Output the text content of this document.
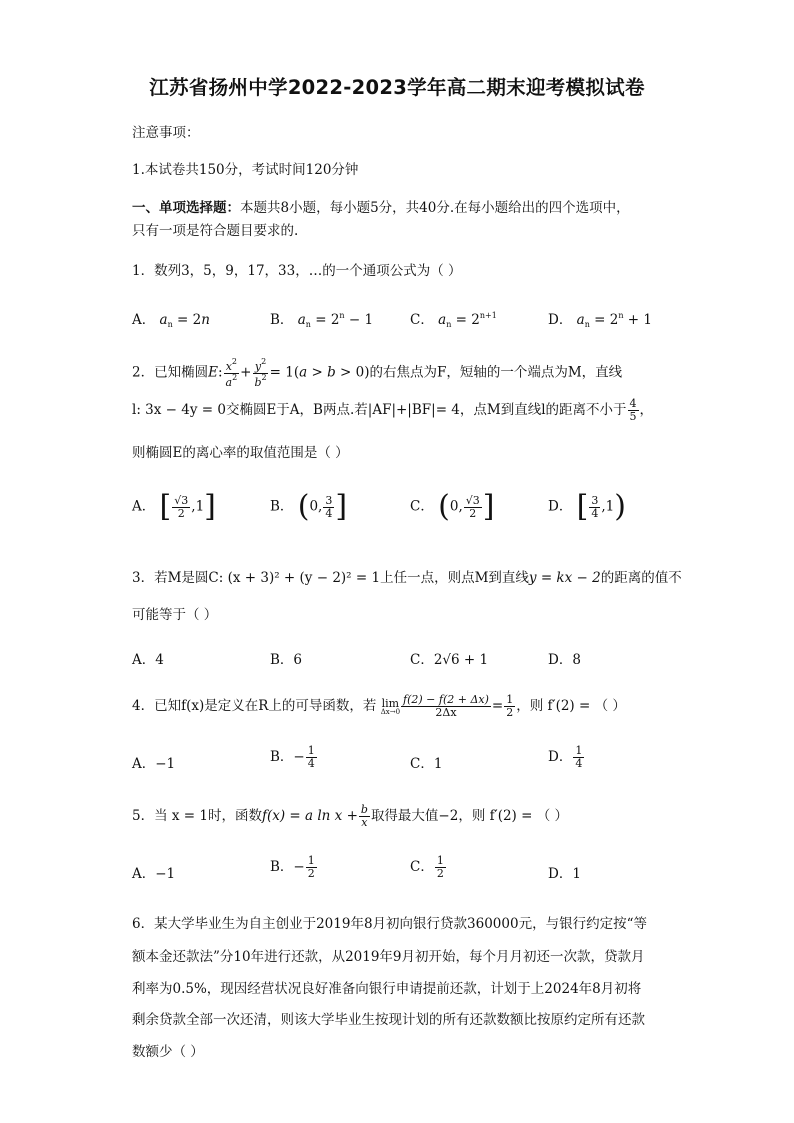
江苏省扬州中学2022-2023学年高二期末迎考模拟试卷
注意事项：
1.本试卷共150分，考试时间120分钟
一、单项选择题：本题共8小题，每小题5分，共40分.在每小题给出的四个选项中，
只有一项是符合题目要求的.
1．数列3，5，9，17，33，…的一个通项公式为（ ）
A． $a_n = 2n$	B． $a_n = 2^n - 1$	C． $a_n = 2^{n+1}$	D． $a_n = 2^n + 1$
2．已知椭圆E: $\frac{x^2}{a^2} + \frac{y^2}{b^2} = 1(a > b > 0)$的右焦点为F，短轴的一个端点为M，直线
l: 3x − 4y = 0交椭圆E于A，B两点.若|AF|+|BF|= 4，点M到直线l的距离不小于 $\frac{4}{5}$ ，
则椭圆E的离心率的取值范围是（ ）
A． [ $\frac{√3}{2} ,1$]	B． (0, $\frac{3}{4}$ ]	C． (0, $\frac{√3}{2}$ ]	D． [ $\frac{3}{4} ,1$)
3．若M是圆C: (x + 3)² + (y − 2)² = 1上任一点，则点M到直线y = kx − 2的距离的值不
可能等于（ ）
A．4	B．6	C．2√6 + 1	D．8
4．已知f(x)是定义在R上的可导函数，若 lim
$\Delta x\to 0 \frac{f(2) - f(2 + \Delta x)}{2\Delta x} = \frac{1}{2}$ ，则 f′(2) = （ ）
A．−1	B．− $\frac{1}{4}$	C．1	D． $\frac{1}{4}$
5．当 x = 1时，函数f(x) = a $\ln x + \frac{b}{x}$ 取得最大值−2，则 f′(2) = （ ）
A．−1	B．− $\frac{1}{2}$	C． $\frac{1}{2}$	D．1
6．某大学毕业生为自主创业于2019年8月初向银行贷款360000元，与银行约定按“等
额本金还款法”分10年进行还款，从2019年9月初开始，每个月月初还一次款，贷款月
利率为0.5%，现因经营状况良好准备向银行申请提前还款，计划于上2024年8月初将
剩余贷款全部一次还清，则该大学毕业生按现计划的所有还款数额比按原约定所有还款
数额少（ ）
